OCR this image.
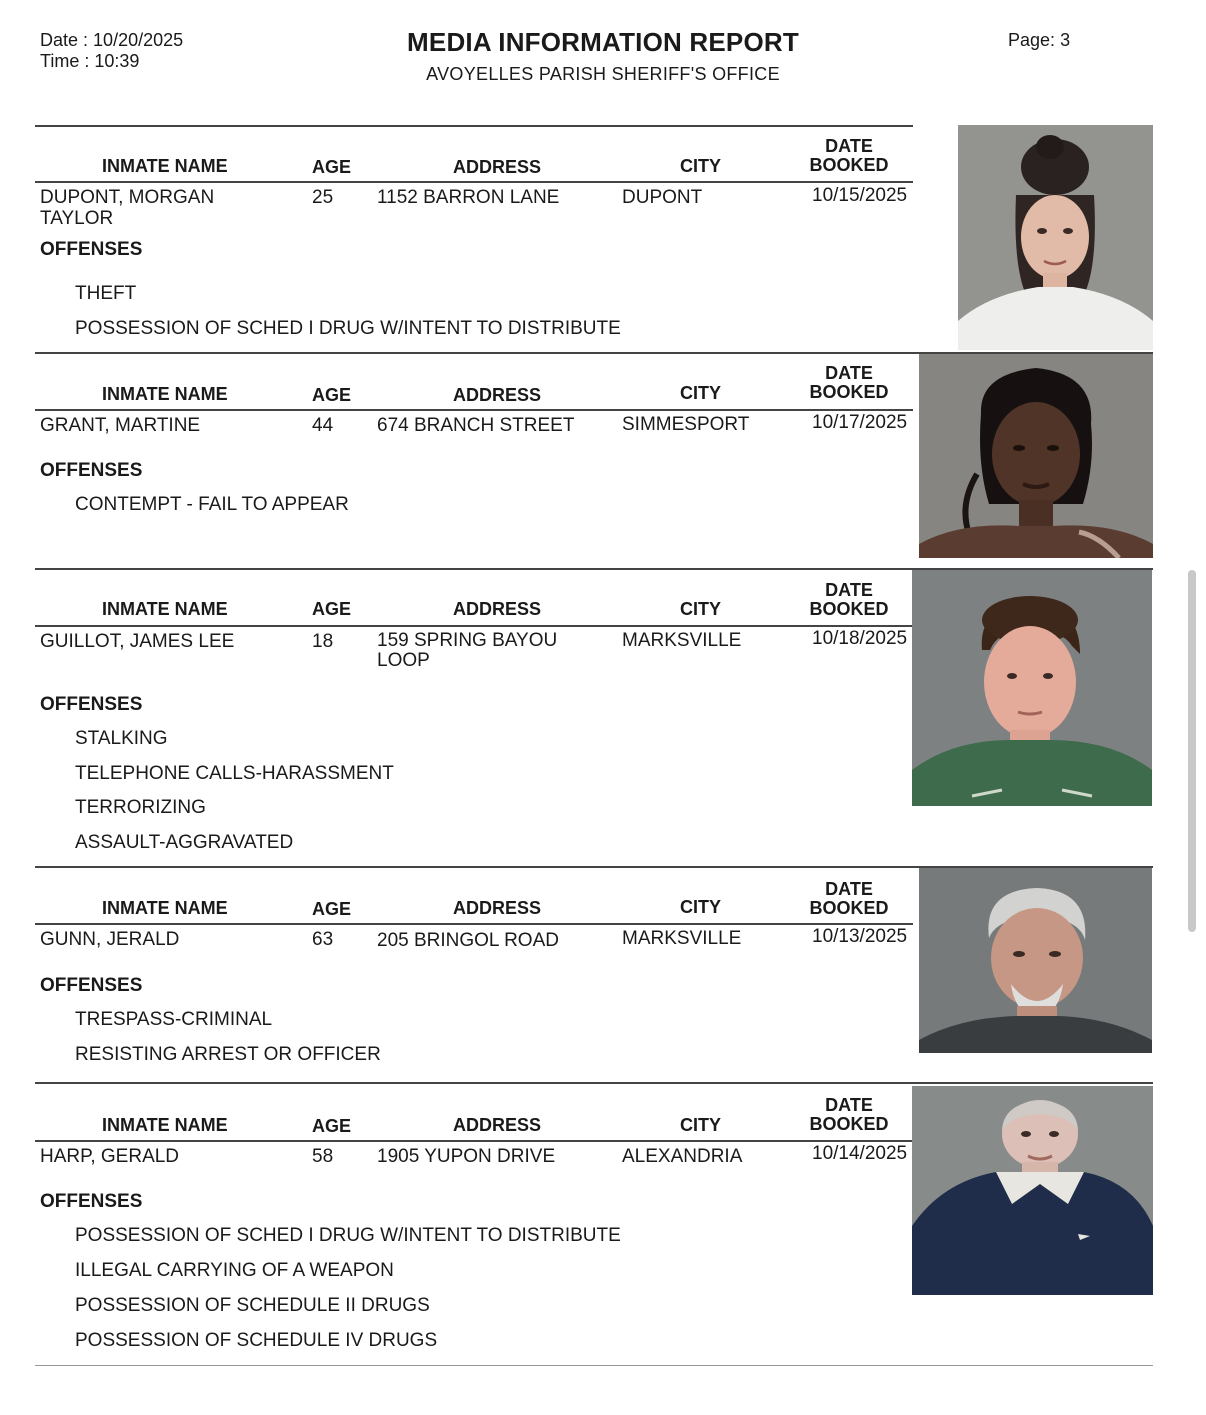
Date : 10/20/2025
Time : 10:39
MEDIA INFORMATION REPORT
AVOYELLES PARISH SHERIFF'S OFFICE
Page: 3
INMATE NAME	AGE	ADDRESS	CITY
DATE
BOOKED
DUPONT, MORGAN
TAYLOR
25 1152 BARRON LANE	DUPONT	10/15/2025
OFFENSES
THEFT
POSSESSION OF SCHED I DRUG W/INTENT TO DISTRIBUTE
INMATE NAME	AGE	ADDRESS	CITY
DATE
BOOKED
GRANT, MARTINE	44 674 BRANCH STREET	SIMMESPORT	10/17/2025
OFFENSES
CONTEMPT - FAIL TO APPEAR
INMATE NAME	AGE	ADDRESS	CITY
DATE
BOOKED
GUILLOT, JAMES LEE	18 159 SPRING BAYOU
LOOP
MARKSVILLE	10/18/2025
OFFENSES
STALKING
TELEPHONE CALLS-HARASSMENT
TERRORIZING
ASSAULT-AGGRAVATED
INMATE NAME	AGE	ADDRESS	CITY
DATE
BOOKED
GUNN, JERALD	63 205 BRINGOL ROAD	MARKSVILLE	10/13/2025
OFFENSES
TRESPASS-CRIMINAL
RESISTING ARREST OR OFFICER
INMATE NAME	AGE	ADDRESS	CITY
DATE
BOOKED
HARP, GERALD	58 1905 YUPON DRIVE	ALEXANDRIA	10/14/2025
OFFENSES
POSSESSION OF SCHED I DRUG W/INTENT TO DISTRIBUTE
ILLEGAL CARRYING OF A WEAPON
POSSESSION OF SCHEDULE II DRUGS
POSSESSION OF SCHEDULE IV DRUGS
